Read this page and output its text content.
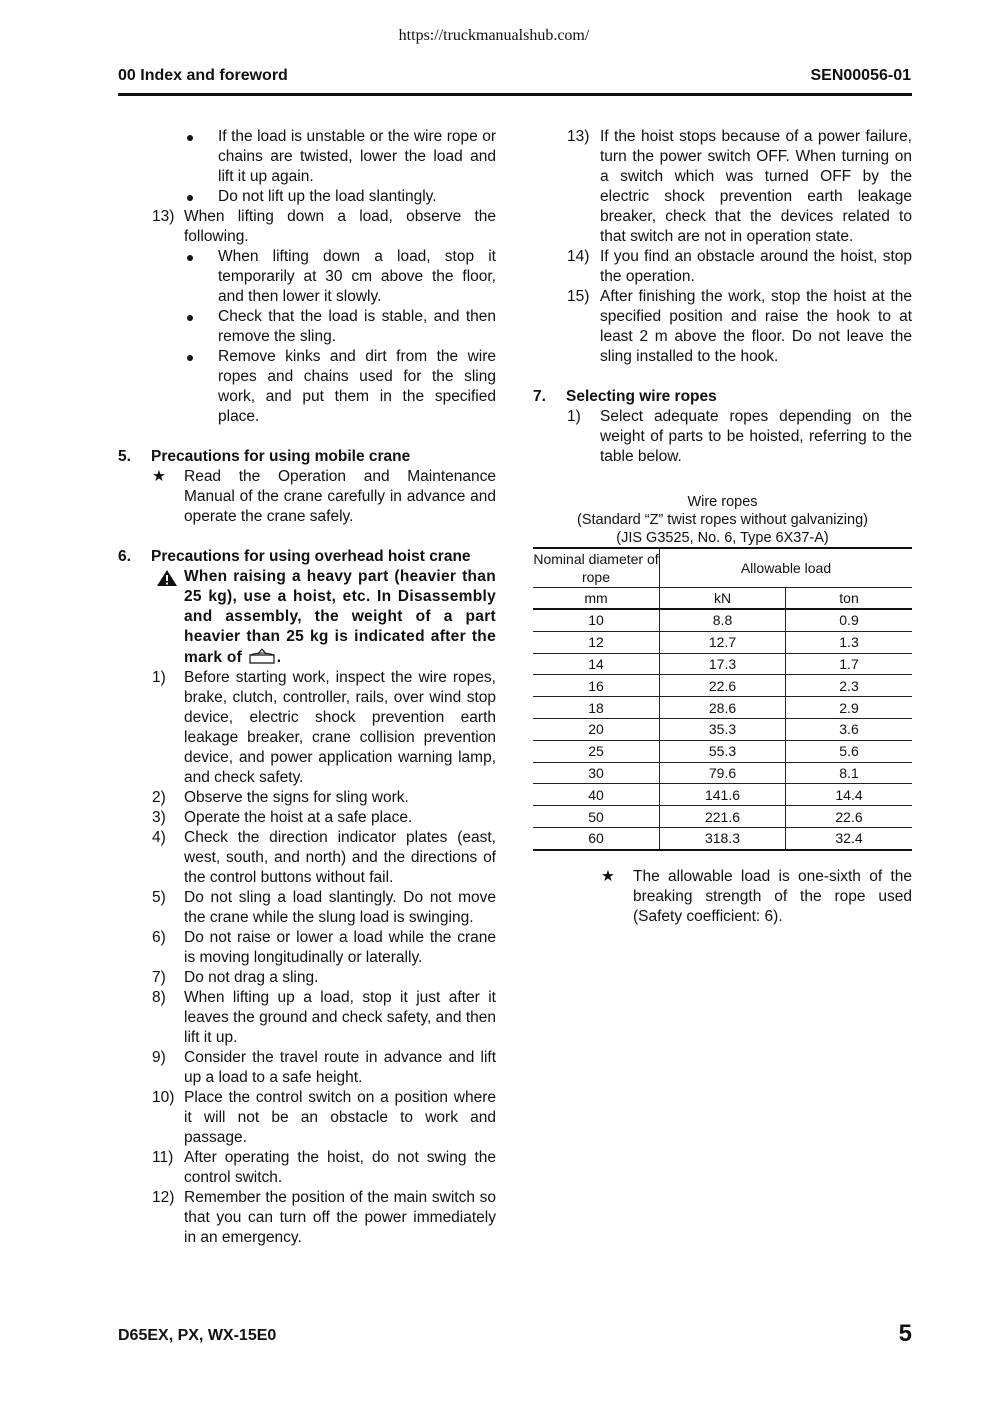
https://truckmanualshub.com/
00 Index and foreword	SEN00056-01
If the load is unstable or the wire rope or chains are twisted, lower the load and lift it up again.
Do not lift up the load slantingly.
13) When lifting down a load, observe the following.
When lifting down a load, stop it temporarily at 30 cm above the floor, and then lower it slowly.
Check that the load is stable, and then remove the sling.
Remove kinks and dirt from the wire ropes and chains used for the sling work, and put them in the specified place.
5. Precautions for using mobile crane
★ Read the Operation and Maintenance Manual of the crane carefully in advance and operate the crane safely.
6. Precautions for using overhead hoist crane
When raising a heavy part (heavier than 25 kg), use a hoist, etc. In Disassembly and assembly, the weight of a part heavier than 25 kg is indicated after the mark of .
1) Before starting work, inspect the wire ropes, brake, clutch, controller, rails, over wind stop device, electric shock prevention earth leakage breaker, crane collision prevention device, and power application warning lamp, and check safety.
2) Observe the signs for sling work.
3) Operate the hoist at a safe place.
4) Check the direction indicator plates (east, west, south, and north) and the directions of the control buttons without fail.
5) Do not sling a load slantingly. Do not move the crane while the slung load is swinging.
6) Do not raise or lower a load while the crane is moving longitudinally or laterally.
7) Do not drag a sling.
8) When lifting up a load, stop it just after it leaves the ground and check safety, and then lift it up.
9) Consider the travel route in advance and lift up a load to a safe height.
10) Place the control switch on a position where it will not be an obstacle to work and passage.
11) After operating the hoist, do not swing the control switch.
12) Remember the position of the main switch so that you can turn off the power immediately in an emergency.
13) If the hoist stops because of a power failure, turn the power switch OFF. When turning on a switch which was turned OFF by the electric shock prevention earth leakage breaker, check that the devices related to that switch are not in operation state.
14) If you find an obstacle around the hoist, stop the operation.
15) After finishing the work, stop the hoist at the specified position and raise the hook to at least 2 m above the floor. Do not leave the sling installed to the hook.
7. Selecting wire ropes
1) Select adequate ropes depending on the weight of parts to be hoisted, referring to the table below.
Wire ropes
(Standard “Z” twist ropes without galvanizing)
(JIS G3525, No. 6, Type 6X37-A)
Nominal diameter of rope	Allowable load	
mm	kN	ton
10	8.8	0.9
12	12.7	1.3
14	17.3	1.7
16	22.6	2.3
18	28.6	2.9
20	35.3	3.6
25	55.3	5.6
30	79.6	8.1
40	141.6	14.4
50	221.6	22.6
60	318.3	32.4
★ The allowable load is one-sixth of the breaking strength of the rope used (Safety coefficient: 6).
D65EX, PX, WX-15E0	5
